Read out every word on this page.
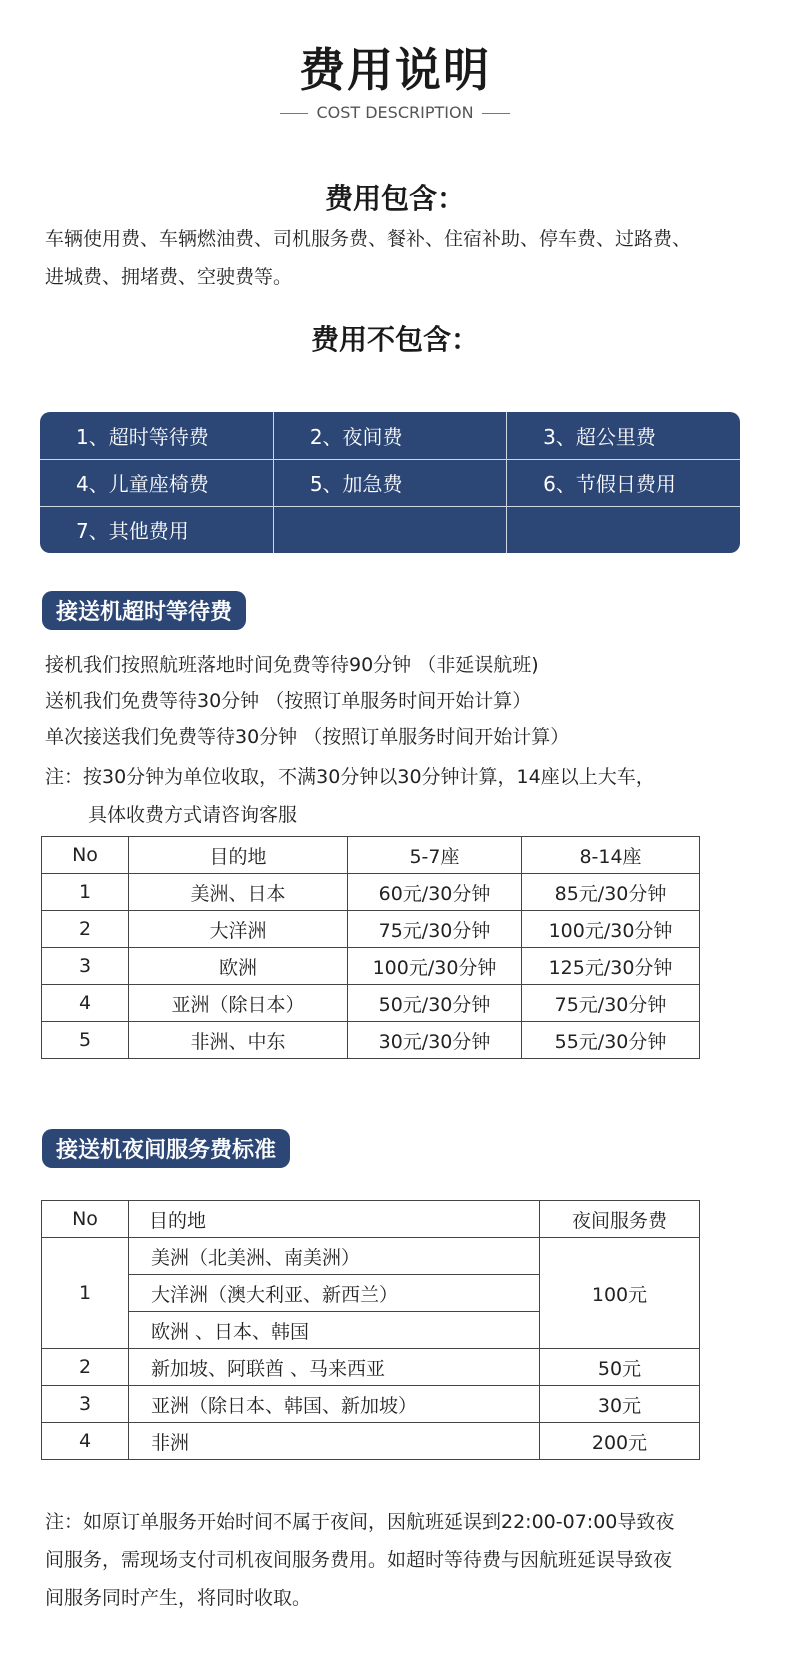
费用说明
COST DESCRIPTION
费用包含：
车辆使用费、车辆燃油费、司机服务费、餐补、住宿补助、停车费、过路费、
进城费、拥堵费、空驶费等。
费用不包含：
1、超时等待费	2、夜间费	3、超公里费
4、儿童座椅费	5、加急费	6、节假日费用
7、其他费用		
接送机超时等待费
接机我们按照航班落地时间免费等待90分钟 （非延误航班)
送机我们免费等待30分钟 （按照订单服务时间开始计算）
单次接送我们免费等待30分钟 （按照订单服务时间开始计算）
注：按30分钟为单位收取，不满30分钟以30分钟计算，14座以上大车，
具体收费方式请咨询客服
No	目的地	5-7座	8-14座
1	美洲、日本	60元/30分钟	85元/30分钟
2	大洋洲	75元/30分钟	100元/30分钟
3	欧洲	100元/30分钟	125元/30分钟
4	亚洲（除日本）	50元/30分钟	75元/30分钟
5	非洲、中东	30元/30分钟	55元/30分钟
接送机夜间服务费标准
No	目的地	夜间服务费
1	美洲（北美洲、南美洲）	100元
	大洋洲（澳大利亚、新西兰）	
	欧洲 、日本、韩国	
2	新加坡、阿联酋 、马来西亚	50元
3	亚洲（除日本、韩国、新加坡）	30元
4	非洲	200元
注：如原订单服务开始时间不属于夜间，因航班延误到22:00-07:00导致夜
间服务，需现场支付司机夜间服务费用。如超时等待费与因航班延误导致夜
间服务同时产生，将同时收取。
